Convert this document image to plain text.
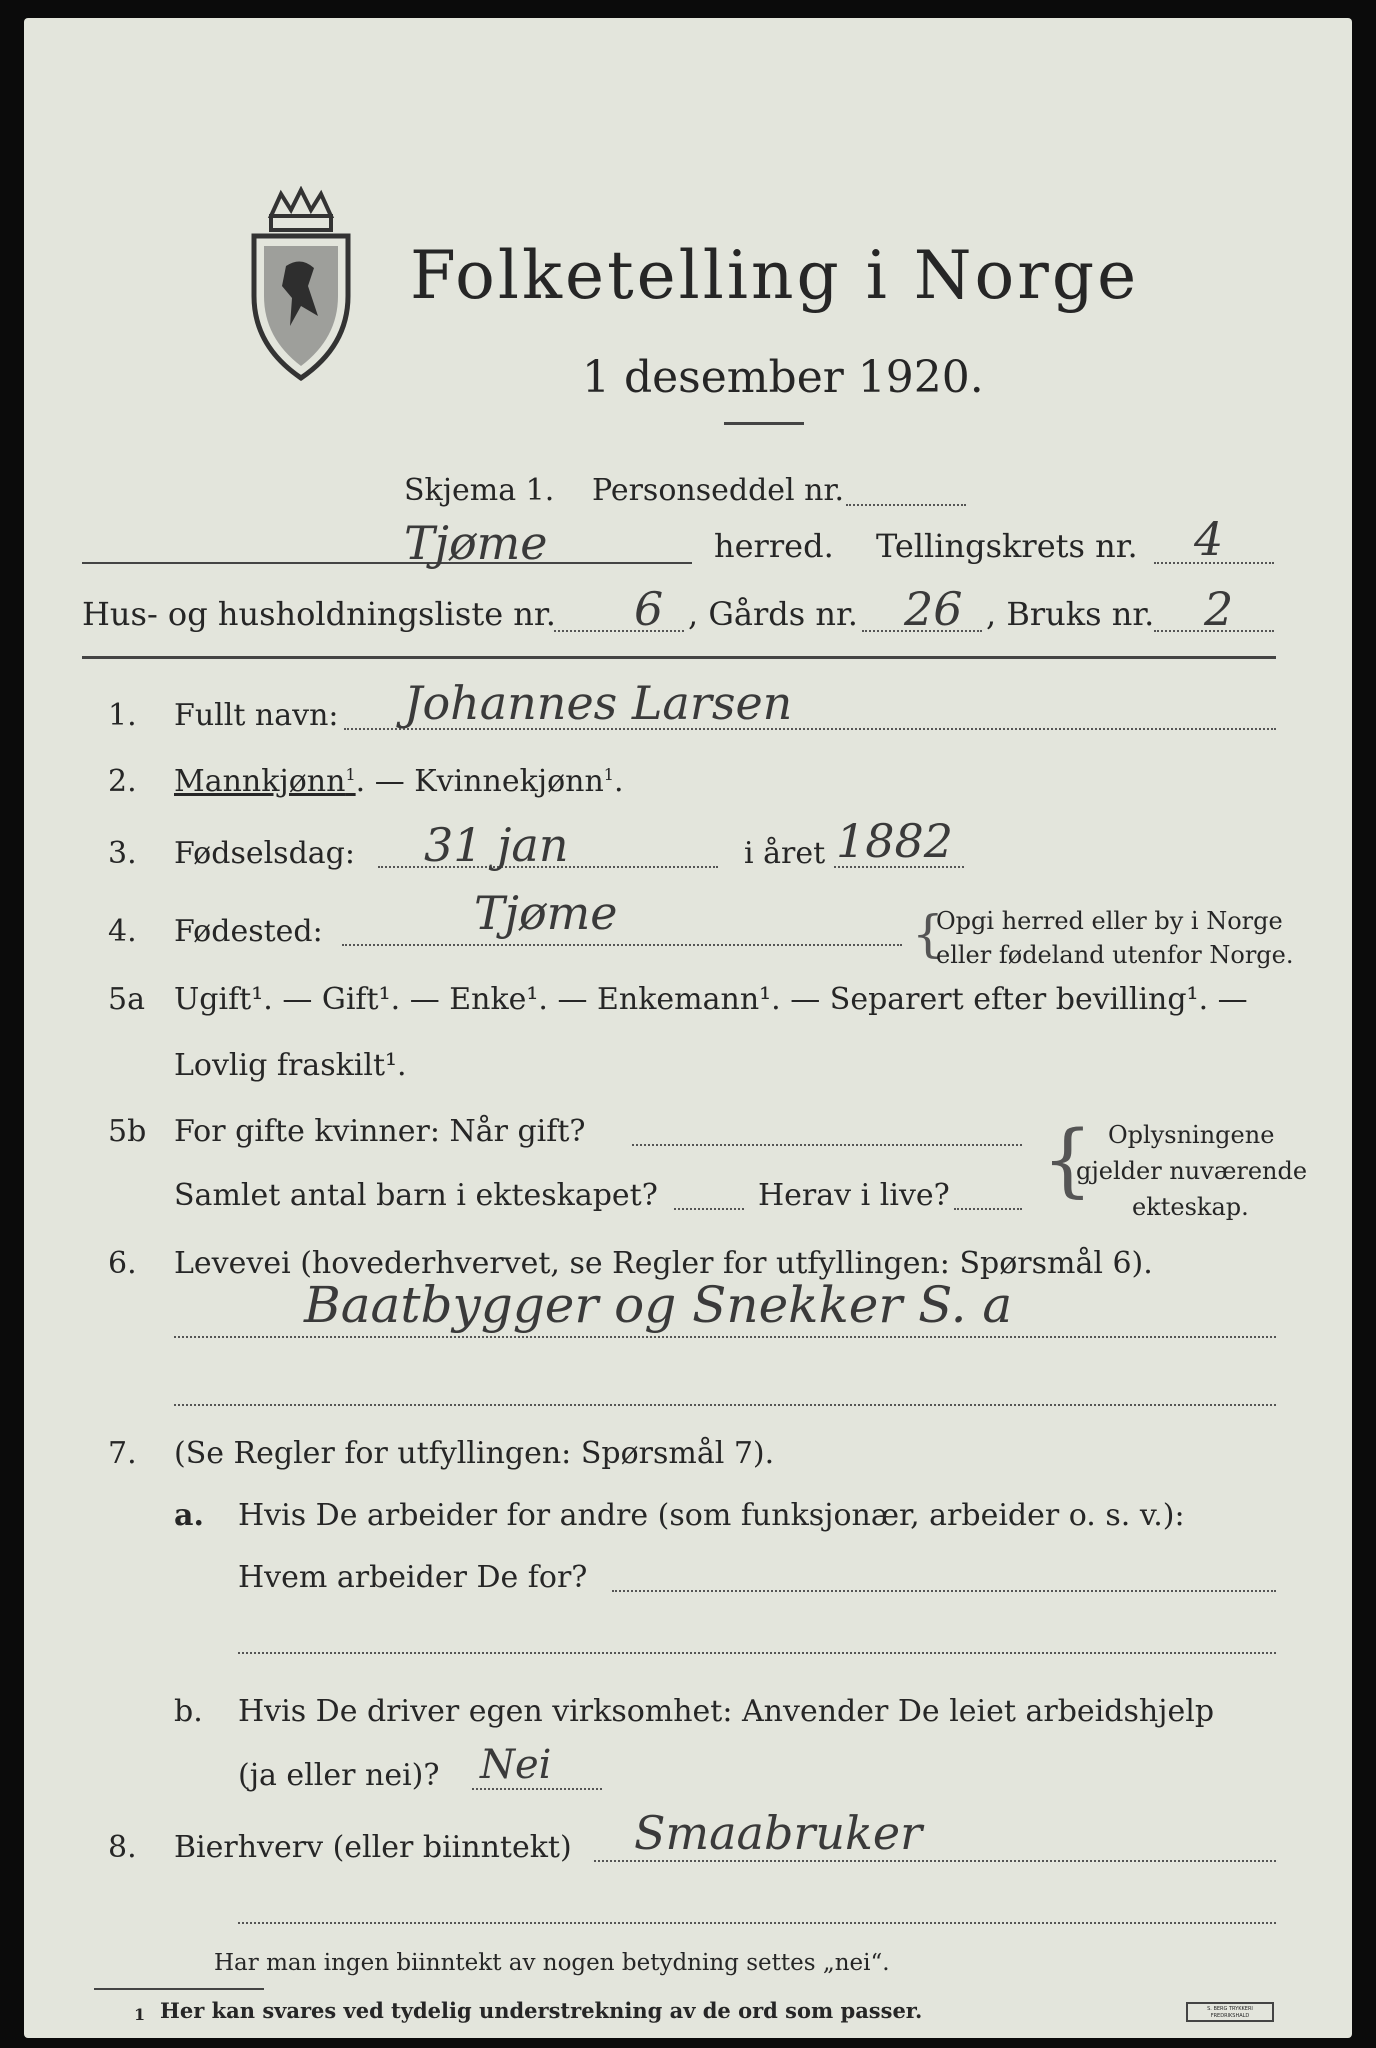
Folketelling i Norge
1 desember 1920.
Skjema 1. Personseddel nr.
Tjøme	herred. Tellingskrets nr. 4
Hus- og husholdningsliste nr. 6 , Gårds nr. 26 , Bruks nr. 2
1. Fullt navn: Johannes Larsen
2. Mannkjønn$^1$. — Kvinnekjønn$^1$.
3. Fødselsdag: 31 jan	i året 1882
4. Fødested:	Tjøme	{
Opgi herred eller by i Norge
eller fødeland utenfor Norge.
5a Ugift¹. — Gift¹. — Enke¹. — Enkemann¹. — Separert efter bevilling¹. —
Lovlig fraskilt¹.
5b For gifte kvinner: Når gift?
Samlet antal barn i ekteskapet?	Herav i live? { Oplysningene
gjelder nuværende
ekteskap.
6. Levevei (hovederhvervet, se Regler for utfyllingen: Spørsmål 6).
Baatbygger og Snekker S. a
7. (Se Regler for utfyllingen: Spørsmål 7).
a. Hvis De arbeider for andre (som funksjonær, arbeider o. s. v.):
Hvem arbeider De for?
b. Hvis De driver egen virksomhet: Anvender De leiet arbeidshjelp
(ja eller nei)? Nei
8. Bierhverv (eller biinntekt) Smaabruker
Har man ingen biinntekt av nogen betydning settes „nei“.
1 Her kan svares ved tydelig understrekning av de ord som passer.	S. BERG TRYKKERI FREDRIKSHALD
